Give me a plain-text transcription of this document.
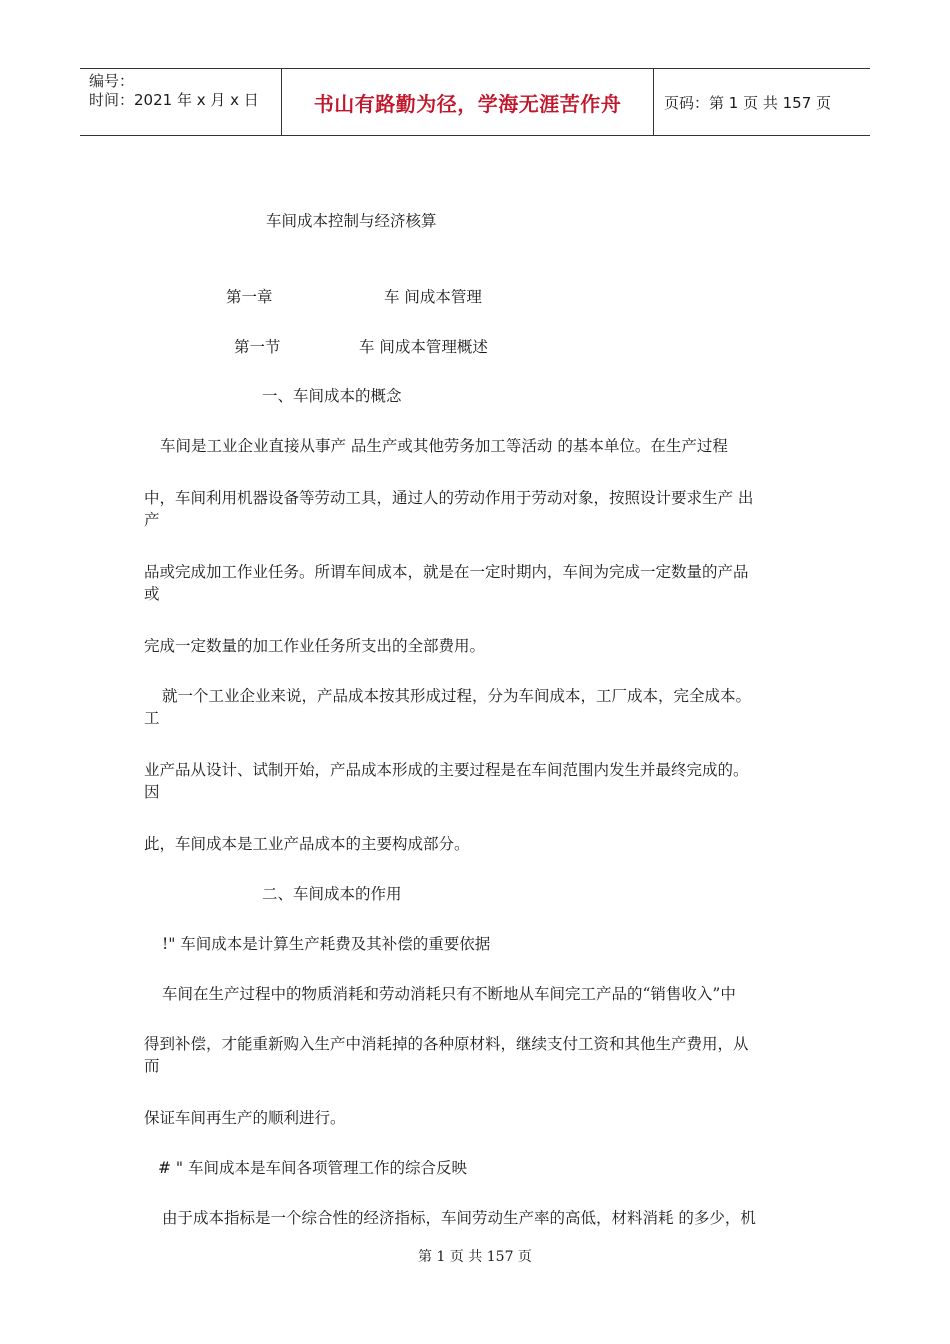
编号：
时间：2021 年 x 月 x 日	书山有路勤为径，学海无涯苦作舟	页码：第 1 页 共 157 页
车间成本控制与经济核算
第一章	车 间成本管理
第一节	车 间成本管理概述
一、车间成本的概念
车间是工业企业直接从事产 品生产或其他劳务加工等活动 的基本单位。在生产过程
中，车间利用机器设备等劳动工具，通过人的劳动作用于劳动对象，按照设计要求生产 出
产
品或完成加工作业任务。所谓车间成本，就是在一定时期内，车间为完成一定数量的产品
或
完成一定数量的加工作业任务所支出的全部费用。
就一个工业企业来说，产品成本按其形成过程，分为车间成本，工厂成本，完全成本。
工
业产品从设计、试制开始，产品成本形成的主要过程是在车间范围内发生并最终完成的。
因
此，车间成本是工业产品成本的主要构成部分。
二、车间成本的作用
!" 车间成本是计算生产耗费及其补偿的重要依据
车间在生产过程中的物质消耗和劳动消耗只有不断地从车间完工产品的“销售收入”中
得到补偿，才能重新购入生产中消耗掉的各种原材料，继续支付工资和其他生产费用，从
而
保证车间再生产的顺利进行。
# " 车间成本是车间各项管理工作的综合反映
由于成本指标是一个综合性的经济指标，车间劳动生产率的高低，材料消耗 的多少，机
第 1 页 共 157 页
